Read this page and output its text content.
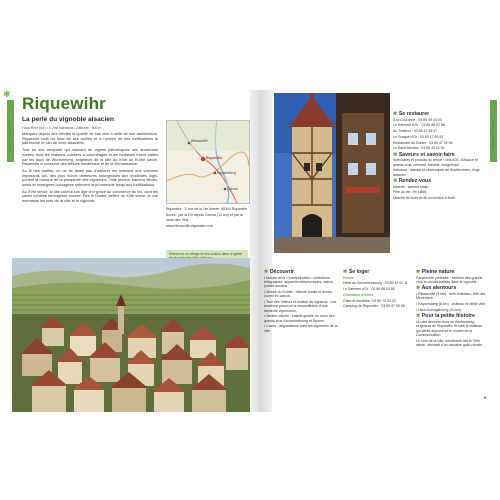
✱
Alsace • Haut-Rhin	Alsace • Haut-Rhin
Riquewihr
La perle du vignoble alsacien
Haut-Rhin (68) • 1 298 habitants • Altitude : 300 m

Marquez depuis des siècles la qualité de ses vins à celle de son architecture, Riquewihr ravit au fond de ses ruelles et à l'ombre de ses fortifications le patrimoine et l'art de vivre alsaciens.

Tout en ses remparts qui cachent de vignes pittoresques ses anciennes ruelles, dont les maisons colorées à colombages et les fontaines furent bâties par les ducs de Wurtemberg, seigneurs de la ville du XIVe au XVIIIe siècle, Riquewihr a conservé des trésors médiévaux et de la Renaissance.

Au fil des ruelles, on ne se lasse pas d'admirer les maisons aux volumes imposants qui, des plus riches demeures bourgeoises aux modestes logis, portent la marque de la prospérité des vignerons. Toits pentus, balcons fleuris, oriels et enseignes ouvragées rythment la promenade jusqu'aux fortifications.

Au XVIe siècle, la cité connut son âge d'or grâce au commerce du vin, dont les caves voûtées témoignent encore. Dès le Dolder, beffroi du XIIIe siècle, la vue embrasse les toits de la ville et le vignoble.

Ribeauvillé
Riquewihr
Kaysersberg
Colmar

Riquewihr : 2, rue de la 1re Armée, 68340 Riquewihr

Accès : par la D3 depuis Colmar (12 km) et par la route des Vins.

www.ribeauville-riquewihr.com

Retrouvez ce village et ses voisins dans le guide
✱ Se restaurer

À la Couronne : 03 89 49 03 03

Le Sarment d'Or : 03 89 86 02 86

Au Trotthus : 03 89 47 96 47

Le Grappe d'Or : 03 89 47 89 52

Restaurant du Dolder : 03 89 47 92 56

Le Saint-Nicolas : 03 89 49 01 51

✱ Saveurs et savoir-faire

Spécialités et produits du terroir : vins AOC d'Alsace et grands crus, crémant, bredele, kougelhopf.

Artisanat : faïence et céramiques de Soufflenheim, linge alsacien.

✱ Rendez-vous

Marché : samedi matin.

Fête du vin : fin juillet.

Marché de Noël de fin novembre à Noël.

✱ Découvrir

• Musée de la Communication : collections, télégraphes, appareils téléphoniques, radios, postes anciens.

• Musée du Dolder : histoire locale et armes, ouvert en saison.

• Tour des Voleurs et maison du vigneron : une ancienne prison et la reconstitution d'une demeure vigneronne.

• Sentier viticole : balade guidée au cœur des grands crus Schoenenbourg et Sporen.

• Caves : dégustations chez les vignerons de la ville.

✱ Se loger

Hôtels

Hôtel du Schoenenbourg : 03 89 49 01 11

Le Sarment d'Or : 03 89 86 02 86

Chambres d'hôtes

Gîtes et meublés : 03 89 73 23 23

Camping de Riquewihr : 03 89 47 90 08

✱ Pleine nature

Randonnée pédestre : sentiers des grands crus et circuits balisés dans le vignoble.

✱ Aux alentours

• Ribeauvillé (5 km) : trois châteaux, fête des Ménétriers.

• Kaysersberg (8 km) : château et vieille ville.

• Haut-Koenigsbourg (20 km).

✱ Pour la petite histoire

Un des derniers ducs de Wurtemberg, seigneurs de Riquewihr, fit bâtir le château qui abrite aujourd'hui le musée de la Communication.

Le nom de la ville, mentionné dès le VIIIe siècle, viendrait d'un domaine gallo-romain.

8	9
